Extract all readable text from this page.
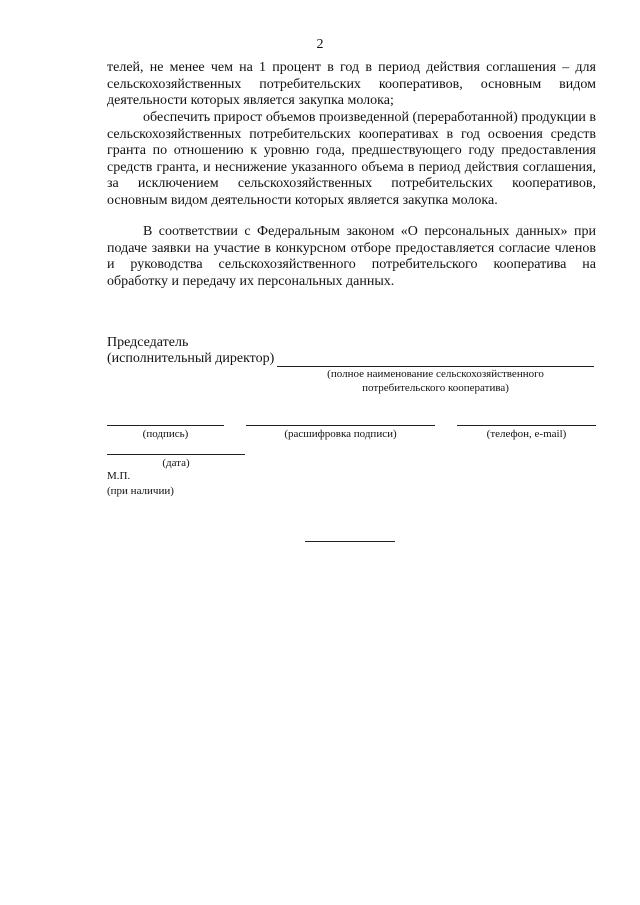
2
телей, не менее чем на 1 процент в год в период действия соглашения – для сельскохозяйственных потребительских кооперативов, основным видом деятельности которых является закупка молока;
обеспечить прирост объемов произведенной (переработанной) продукции в сельскохозяйственных потребительских кооперативах в год освоения средств гранта по отношению к уровню года, предшествующего году предоставления средств гранта, и неснижение указанного объема в период действия соглашения, за исключением сельскохозяйственных потребительских кооперативов, основным видом деятельности которых является закупка молока.
В соответствии с Федеральным законом «О персональных данных» при подаче заявки на участие в конкурсном отборе предоставляется согласие членов и руководства сельскохозяйственного потребительского кооператива на обработку и передачу их персональных данных.
Председатель
(исполнительный директор)
(полное наименование сельскохозяйственного
потребительского кооператива)
(подпись)	(расшифровка подписи)	(телефон, e-mail)
(дата)
М.П.
(при наличии)
